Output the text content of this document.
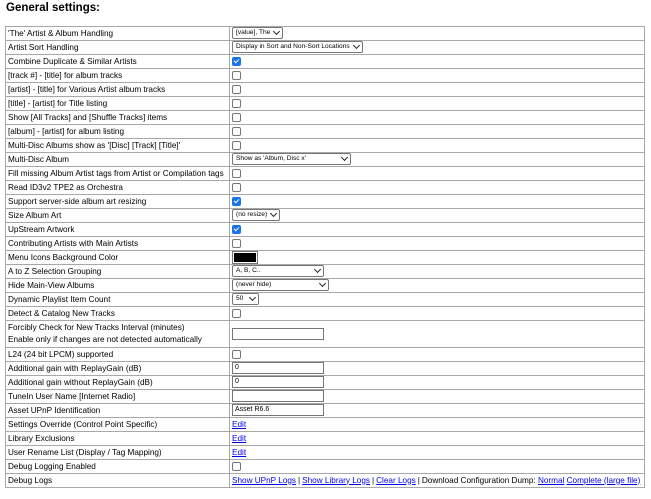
General settings:
'The' Artist & Album Handling	[value], The
Artist Sort Handling	Display in Sort and Non-Sort Locations
Combine Duplicate & Similar Artists	
[track #] - [title] for album tracks	
[artist] - [title] for Various Artist album tracks	
[title] - [artist] for Title listing	
Show [All Tracks] and [Shuffle Tracks] items	
[album] - [artist] for album listing	
Multi-Disc Albums show as '[Disc] [Track] [Title]'	
Multi-Disc Album	Show as 'Album, Disc x'
Fill missing Album Artist tags from Artist or Compilation tags	
Read ID3v2 TPE2 as Orchestra	
Support server-side album art resizing	
Size Album Art	(no resize)
UpStream Artwork	
Contributing Artists with Main Artists	
Menu Icons Background Color	

A to Z Selection Grouping	A, B, C..
Hide Main-View Albums	(never hide)
Dynamic Playlist Item Count	50
Detect & Catalog New Tracks	

Forcibly Check for New Tracks Interval (minutes)
Enable only if changes are not detected automatically	

L24 (24 bit LPCM) supported	
Additional gain with ReplayGain (dB)	0
Additional gain without ReplayGain (dB)	0
TuneIn User Name [Internet Radio]	
Asset UPnP Identification	Asset R6.6
Settings Override (Control Point Specific)	Edit
Library Exclusions	Edit
User Rename List (Display / Tag Mapping)	Edit
Debug Logging Enabled	
Debug Logs	Show UPnP Logs | Show Library Logs | Clear Logs | Download Configuration Dump: Normal Complete (large file)
